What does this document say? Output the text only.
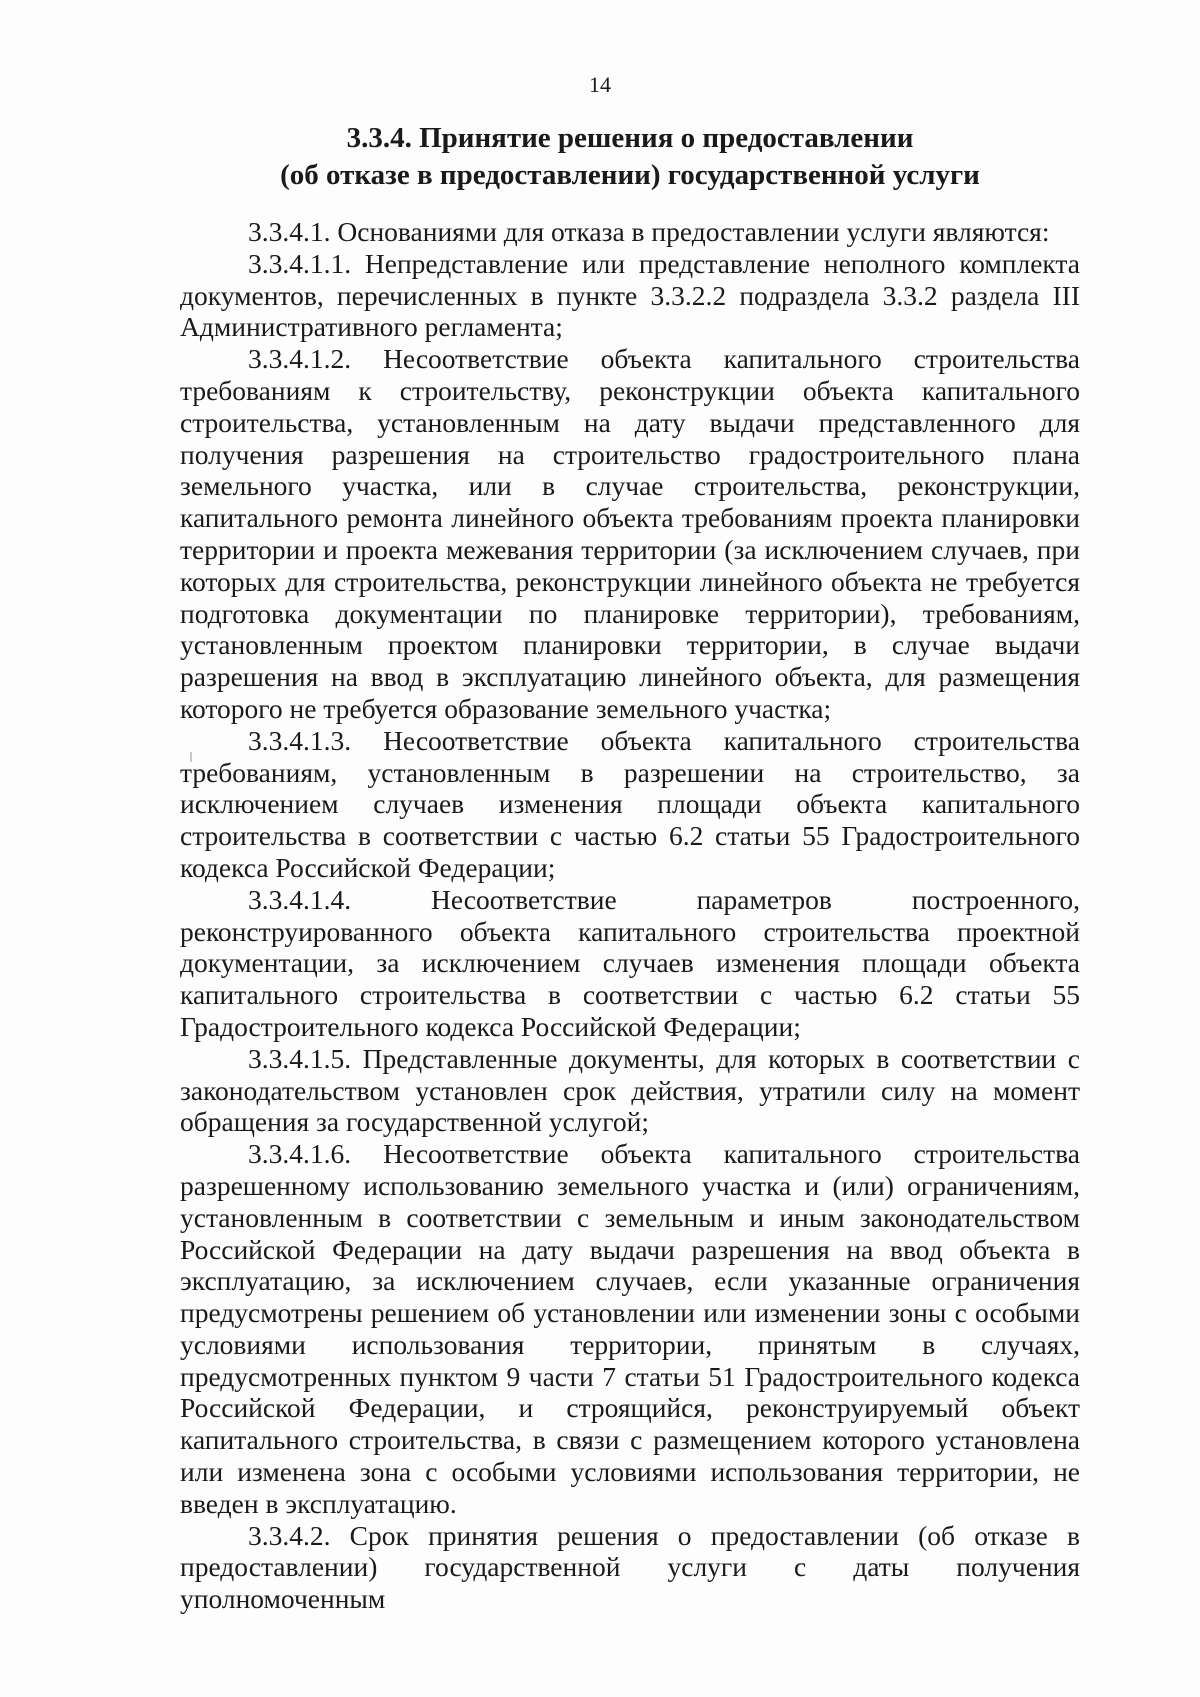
14
3.3.4. Принятие решения о предоставлении
(об отказе в предоставлении) государственной услуги

3.3.4.1. Основаниями для отказа в предоставлении услуги являются:

3.3.4.1.1. Непредставление или представление неполного комплекта документов, перечисленных в пункте 3.3.2.2 подраздела 3.3.2 раздела III Административного регламента;

3.3.4.1.2. Несоответствие объекта капитального строительства требованиям к строительству, реконструкции объекта капитального строительства, установленным на дату выдачи представленного для получения разрешения на строительство градостроительного плана земельного участка, или в случае строительства, реконструкции, капитального ремонта линейного объекта требованиям проекта планировки территории и проекта межевания территории (за исключением случаев, при которых для строительства, реконструкции линейного объекта не требуется подготовка документации по планировке территории), требованиям, установленным проектом планировки территории, в случае выдачи разрешения на ввод в эксплуатацию линейного объекта, для размещения которого не требуется образование земельного участка;

3.3.4.1.3. Несоответствие объекта капитального строительства требованиям, установленным в разрешении на строительство, за исключением случаев изменения площади объекта капитального строительства в соответствии с частью 6.2 статьи 55 Градостроительного кодекса Российской Федерации;

3.3.4.1.4. Несоответствие параметров построенного, реконструированного объекта капитального строительства проектной документации, за исключением случаев изменения площади объекта капитального строительства в соответствии с частью 6.2 статьи 55 Градостроительного кодекса Российской Федерации;

3.3.4.1.5. Представленные документы, для которых в соответствии с законодательством установлен срок действия, утратили силу на момент обращения за государственной услугой;

3.3.4.1.6. Несоответствие объекта капитального строительства разрешенному использованию земельного участка и (или) ограничениям, установленным в соответствии с земельным и иным законодательством Российской Федерации на дату выдачи разрешения на ввод объекта в эксплуатацию, за исключением случаев, если указанные ограничения предусмотрены решением об установлении или изменении зоны с особыми условиями использования территории, принятым в случаях, предусмотренных пунктом 9 части 7 статьи 51 Градостроительного кодекса Российской Федерации, и строящийся, реконструируемый объект капитального строительства, в связи с размещением которого установлена или изменена зона с особыми условиями использования территории, не введен в эксплуатацию.

3.3.4.2. Срок принятия решения о предоставлении (об отказе в предоставлении) государственной услуги с даты получения уполномоченным
